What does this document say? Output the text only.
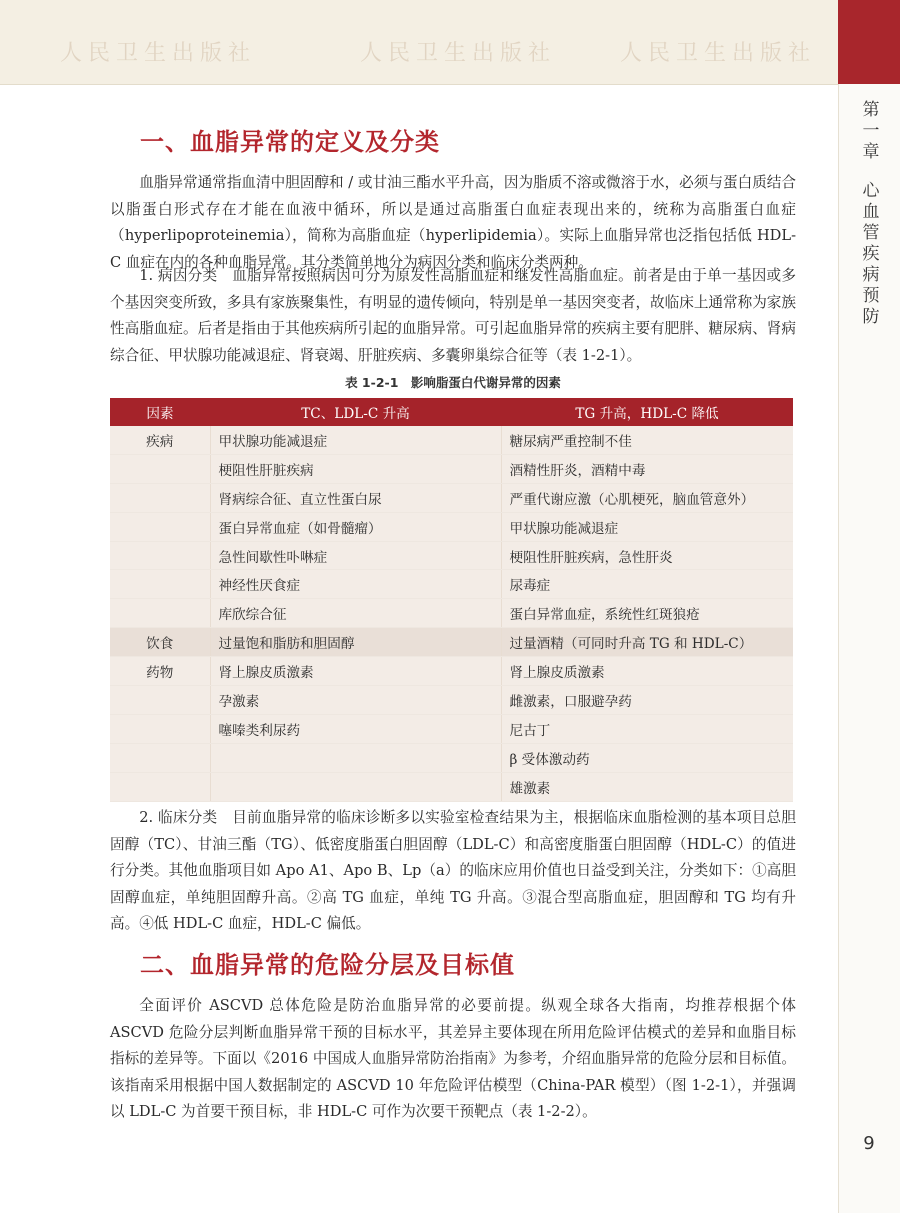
人民卫生出版社	人民卫生出版社	人民卫生出版社
第
一
章
心
血
管
疾
病
预
防
一、血脂异常的定义及分类

血脂异常通常指血清中胆固醇和 / 或甘油三酯水平升高，因为脂质不溶或微溶于水，必须与蛋白质结合以脂蛋白形式存在才能在血液中循环，所以是通过高脂蛋白血症表现出来的，统称为高脂蛋白血症（hyperlipoproteinemia），简称为高脂血症（hyperlipidemia）。实际上血脂异常也泛指包括低 HDL-C 血症在内的各种血脂异常。其分类简单地分为病因分类和临床分类两种。

1. 病因分类　血脂异常按照病因可分为原发性高脂血症和继发性高脂血症。前者是由于单一基因或多个基因突变所致，多具有家族聚集性，有明显的遗传倾向，特别是单一基因突变者，故临床上通常称为家族性高脂血症。后者是指由于其他疾病所引起的血脂异常。可引起血脂异常的疾病主要有肥胖、糖尿病、肾病综合征、甲状腺功能减退症、肾衰竭、肝脏疾病、多囊卵巢综合征等（表 1-2-1）。

表 1-2-1　影响脂蛋白代谢异常的因素
因素	TC、LDL-C 升高	TG 升高，HDL-C 降低
疾病	甲状腺功能减退症	糖尿病严重控制不佳
	梗阻性肝脏疾病	酒精性肝炎，酒精中毒
	肾病综合征、直立性蛋白尿	严重代谢应激（心肌梗死，脑血管意外）
	蛋白异常血症（如骨髓瘤）	甲状腺功能减退症
	急性间歇性卟啉症	梗阻性肝脏疾病，急性肝炎
	神经性厌食症	尿毒症
	库欣综合征	蛋白异常血症，系统性红斑狼疮
饮食	过量饱和脂肪和胆固醇	过量酒精（可同时升高 TG 和 HDL-C）
药物	肾上腺皮质激素	肾上腺皮质激素
	孕激素	雌激素，口服避孕药
	噻嗪类利尿药	尼古丁
		β 受体激动药
		雄激素

2. 临床分类　目前血脂异常的临床诊断多以实验室检查结果为主，根据临床血脂检测的基本项目总胆固醇（TC）、甘油三酯（TG）、低密度脂蛋白胆固醇（LDL-C）和高密度脂蛋白胆固醇（HDL-C）的值进行分类。其他血脂项目如 Apo A1、Apo B、Lp（a）的临床应用价值也日益受到关注，分类如下：①高胆固醇血症，单纯胆固醇升高。②高 TG 血症，单纯 TG 升高。③混合型高脂血症，胆固醇和 TG 均有升高。④低 HDL-C 血症，HDL-C 偏低。

二、血脂异常的危险分层及目标值

全面评价 ASCVD 总体危险是防治血脂异常的必要前提。纵观全球各大指南，均推荐根据个体 ASCVD 危险分层判断血脂异常干预的目标水平，其差异主要体现在所用危险评估模式的差异和血脂目标指标的差异等。下面以《2016 中国成人血脂异常防治指南》为参考，介绍血脂异常的危险分层和目标值。该指南采用根据中国人数据制定的 ASCVD 10 年危险评估模型（China-PAR 模型）（图 1-2-1），并强调以 LDL-C 为首要干预目标，非 HDL-C 可作为次要干预靶点（表 1-2-2）。

9
